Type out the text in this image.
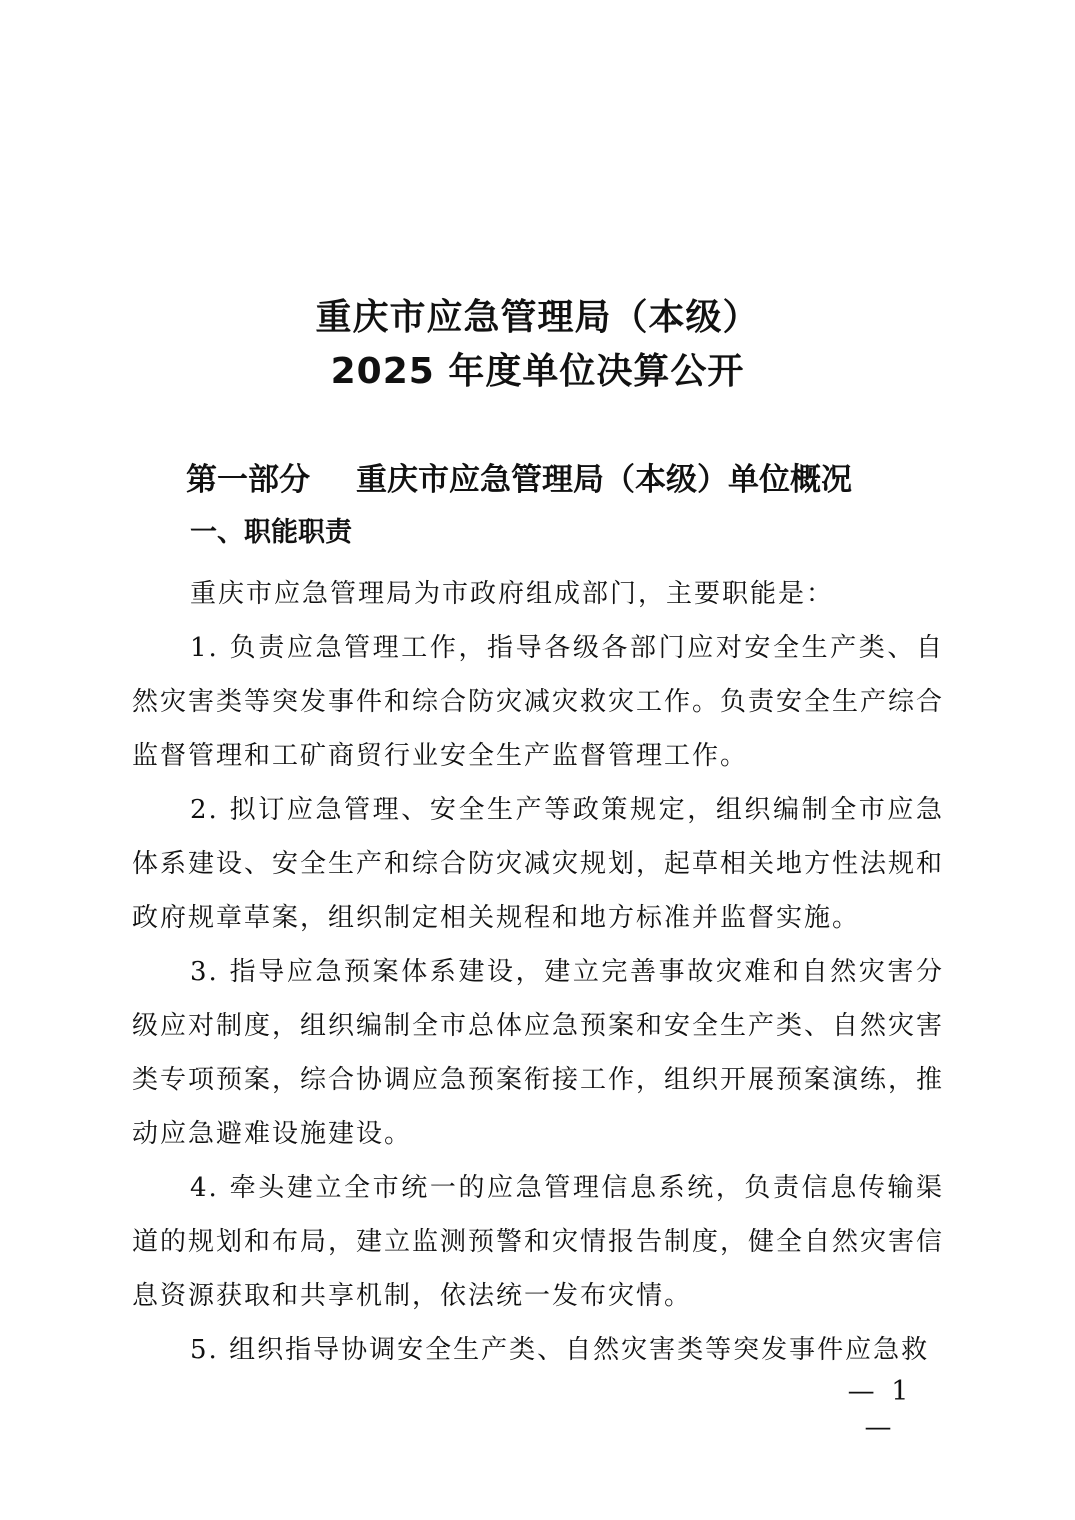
重庆市应急管理局（本级）
2025 年度单位决算公开
第一部分 重庆市应急管理局（本级）单位概况
一、职能职责

重庆市应急管理局为市政府组成部门，主要职能是：

1. 负责应急管理工作，指导各级各部门应对安全生产类、自然灾害类等突发事件和综合防灾减灾救灾工作。负责安全生产综合监督管理和工矿商贸行业安全生产监督管理工作。

2. 拟订应急管理、安全生产等政策规定，组织编制全市应急体系建设、安全生产和综合防灾减灾规划，起草相关地方性法规和政府规章草案，组织制定相关规程和地方标准并监督实施。

3. 指导应急预案体系建设，建立完善事故灾难和自然灾害分级应对制度，组织编制全市总体应急预案和安全生产类、自然灾害类专项预案，综合协调应急预案衔接工作，组织开展预案演练，推动应急避难设施建设。

4. 牵头建立全市统一的应急管理信息系统，负责信息传输渠道的规划和布局，建立监测预警和灾情报告制度，健全自然灾害信息资源获取和共享机制，依法统一发布灾情。

5. 组织指导协调安全生产类、自然灾害类等突发事件应急救

— 1 —
